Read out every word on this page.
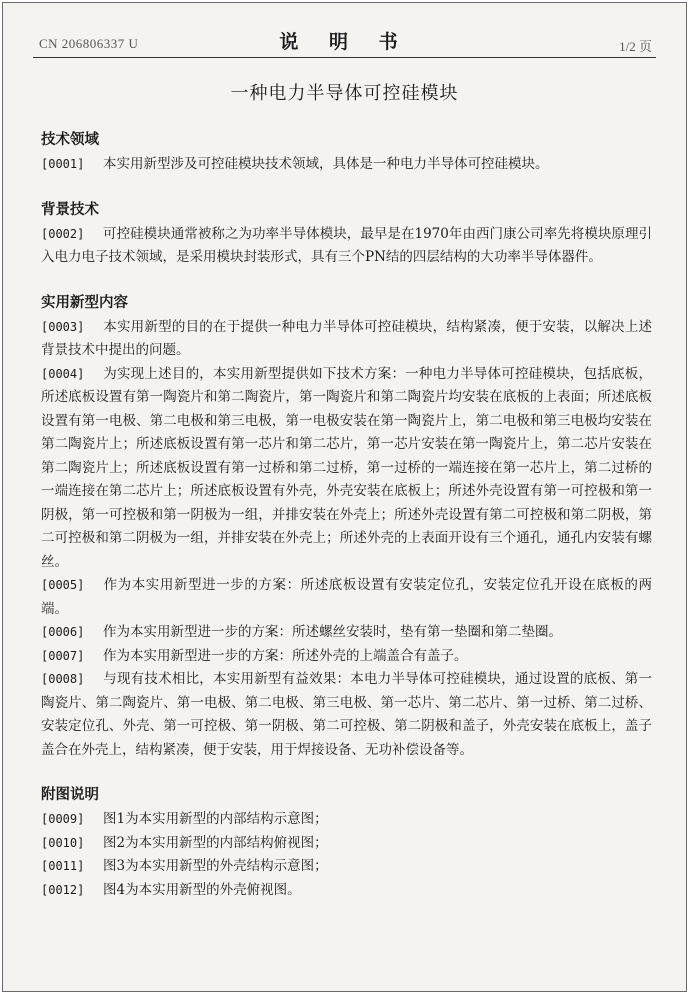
CN 206806337 U	说 明 书	1/2 页
一种电力半导体可控硅模块
技术领域
[0001] 本实用新型涉及可控硅模块技术领域，具体是一种电力半导体可控硅模块。
背景技术
[0002] 可控硅模块通常被称之为功率半导体模块，最早是在1970年由西门康公司率先将模块原理引入电力电子技术领域，是采用模块封装形式，具有三个PN结的四层结构的大功率半导体器件。
实用新型内容
[0003] 本实用新型的目的在于提供一种电力半导体可控硅模块，结构紧凑，便于安装，以解决上述背景技术中提出的问题。
[0004] 为实现上述目的，本实用新型提供如下技术方案：一种电力半导体可控硅模块，包括底板，所述底板设置有第一陶瓷片和第二陶瓷片，第一陶瓷片和第二陶瓷片均安装在底板的上表面；所述底板设置有第一电极、第二电极和第三电极，第一电极安装在第一陶瓷片上，第二电极和第三电极均安装在第二陶瓷片上；所述底板设置有第一芯片和第二芯片，第一芯片安装在第一陶瓷片上，第二芯片安装在第二陶瓷片上；所述底板设置有第一过桥和第二过桥，第一过桥的一端连接在第一芯片上，第二过桥的一端连接在第二芯片上；所述底板设置有外壳，外壳安装在底板上；所述外壳设置有第一可控极和第一阴极，第一可控极和第一阴极为一组，并排安装在外壳上；所述外壳设置有第二可控极和第二阴极，第二可控极和第二阴极为一组，并排安装在外壳上；所述外壳的上表面开设有三个通孔，通孔内安装有螺丝。
[0005] 作为本实用新型进一步的方案：所述底板设置有安装定位孔，安装定位孔开设在底板的两端。
[0006] 作为本实用新型进一步的方案：所述螺丝安装时，垫有第一垫圈和第二垫圈。
[0007] 作为本实用新型进一步的方案：所述外壳的上端盖合有盖子。
[0008] 与现有技术相比，本实用新型有益效果：本电力半导体可控硅模块，通过设置的底板、第一陶瓷片、第二陶瓷片、第一电极、第二电极、第三电极、第一芯片、第二芯片、第一过桥、第二过桥、安装定位孔、外壳、第一可控极、第一阴极、第二可控极、第二阴极和盖子，外壳安装在底板上，盖子盖合在外壳上，结构紧凑，便于安装，用于焊接设备、无功补偿设备等。
附图说明
[0009] 图1为本实用新型的内部结构示意图；
[0010] 图2为本实用新型的内部结构俯视图；
[0011] 图3为本实用新型的外壳结构示意图；
[0012] 图4为本实用新型的外壳俯视图。
